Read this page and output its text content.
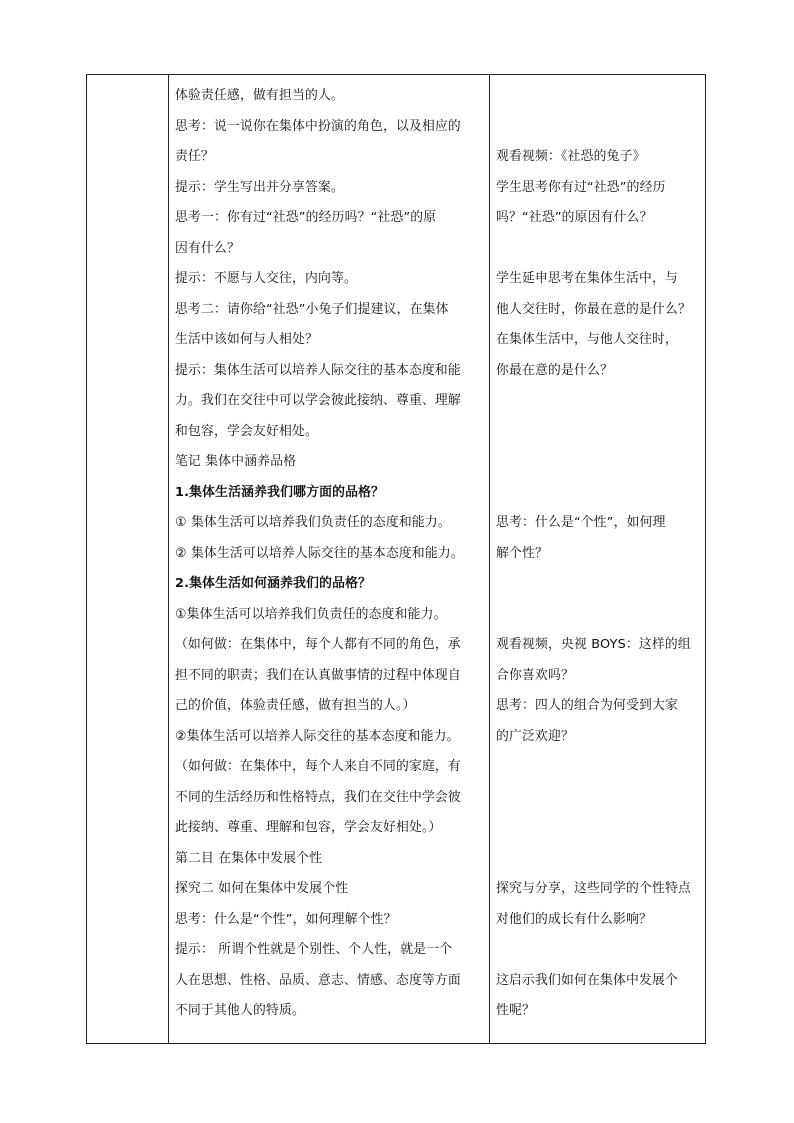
体验责任感，做有担当的人。
思考：说一说你在集体中扮演的角色，以及相应的
责任？
提示：学生写出并分享答案。
思考一：你有过“社恐”的经历吗？“社恐”的原
因有什么？
提示：不愿与人交往，内向等。
思考二：请你给“社恐”小兔子们提建议，在集体
生活中该如何与人相处？
提示：集体生活可以培养人际交往的基本态度和能
力。我们在交往中可以学会彼此接纳、尊重、理解
和包容，学会友好相处。
笔记 集体中涵养品格
1.集体生活涵养我们哪方面的品格？
① 集体生活可以培养我们负责任的态度和能力。
② 集体生活可以培养人际交往的基本态度和能力。
2.集体生活如何涵养我们的品格？
①集体生活可以培养我们负责任的态度和能力。
（如何做：在集体中，每个人都有不同的角色，承
担不同的职责；我们在认真做事情的过程中体现自
己的价值，体验责任感，做有担当的人。）
②集体生活可以培养人际交往的基本态度和能力。
（如何做：在集体中，每个人来自不同的家庭，有
不同的生活经历和性格特点，我们在交往中学会彼
此接纳、尊重、理解和包容，学会友好相处。）
第二目 在集体中发展个性
探究二 如何在集体中发展个性
思考：什么是“个性”，如何理解个性？
提示： 所谓个性就是个别性、个人性，就是一个
人在思想、性格、品质、意志、情感、态度等方面
不同于其他人的特质。
观看视频：《社恐的兔子》
学生思考你有过“社恐”的经历
吗？“社恐”的原因有什么？
学生延申思考在集体生活中，与
他人交往时，你最在意的是什么？
在集体生活中，与他人交往时，
你最在意的是什么？
思考：什么是“个性”，如何理
解个性？
观看视频，央视 BOYS：这样的组
合你喜欢吗？
思考：四人的组合为何受到大家
的广泛欢迎？
探究与分享，这些同学的个性特点
对他们的成长有什么影响？
这启示我们如何在集体中发展个
性呢？
